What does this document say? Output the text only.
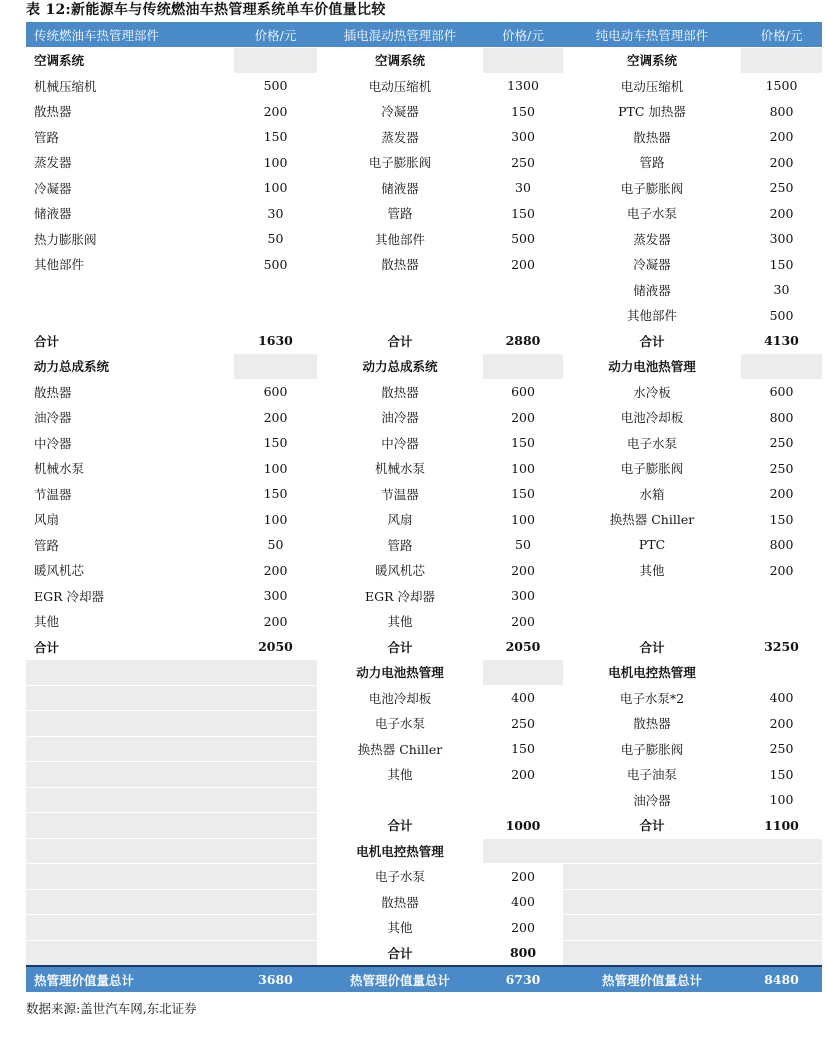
表 12:新能源车与传统燃油车热管理系统单车价值量比较
传统燃油车热管理部件	价格/元	插电混动热管理部件	价格/元	纯电动车热管理部件	价格/元
空调系统		空调系统		空调系统	
机械压缩机	500	电动压缩机	1300	电动压缩机	1500
散热器	200	冷凝器	150	PTC 加热器	800
管路	150	蒸发器	300	散热器	200
蒸发器	100	电子膨胀阀	250	管路	200
冷凝器	100	储液器	30	电子膨胀阀	250
储液器	30	管路	150	电子水泵	200
热力膨胀阀	50	其他部件	500	蒸发器	300
其他部件	500	散热器	200	冷凝器	150
				储液器	30
				其他部件	500
合计	1630	合计	2880	合计	4130
动力总成系统		动力总成系统		动力电池热管理	
散热器	600	散热器	600	水冷板	600
油冷器	200	油冷器	200	电池冷却板	800
中冷器	150	中冷器	150	电子水泵	250
机械水泵	100	机械水泵	100	电子膨胀阀	250
节温器	150	节温器	150	水箱	200
风扇	100	风扇	100	换热器 Chiller	150
管路	50	管路	50	PTC	800
暖风机芯	200	暖风机芯	200	其他	200
EGR 冷却器	300	EGR 冷却器	300		
其他	200	其他	200		
合计	2050	合计	2050	合计	3250
		动力电池热管理		电机电控热管理	
		电池冷却板	400	电子水泵*2	400
		电子水泵	250	散热器	200
		换热器 Chiller	150	电子膨胀阀	250
		其他	200	电子油泵	150
				油冷器	100
		合计	1000	合计	1100
		电机电控热管理			
		电子水泵	200		
		散热器	400		
		其他	200		
		合计	800		
热管理价值量总计	3680	热管理价值量总计	6730	热管理价值量总计	8480
数据来源:盖世汽车网,东北证券
